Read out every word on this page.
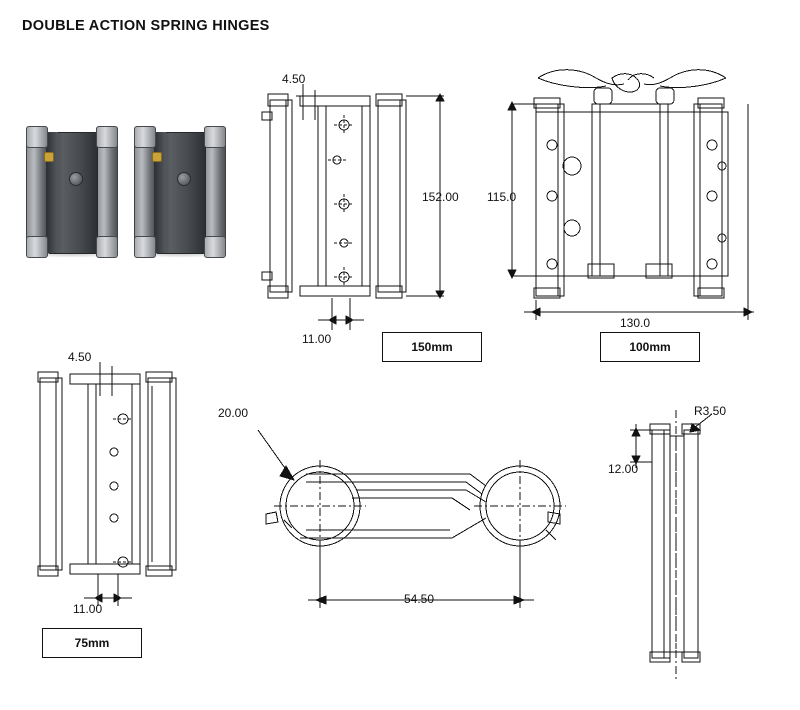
DOUBLE ACTION SPRING HINGES
4.50
152.00
11.00
115.0
130.0
4.50
11.00
20.00
54.50
R3.50
12.00
150mm	100mm
75mm
